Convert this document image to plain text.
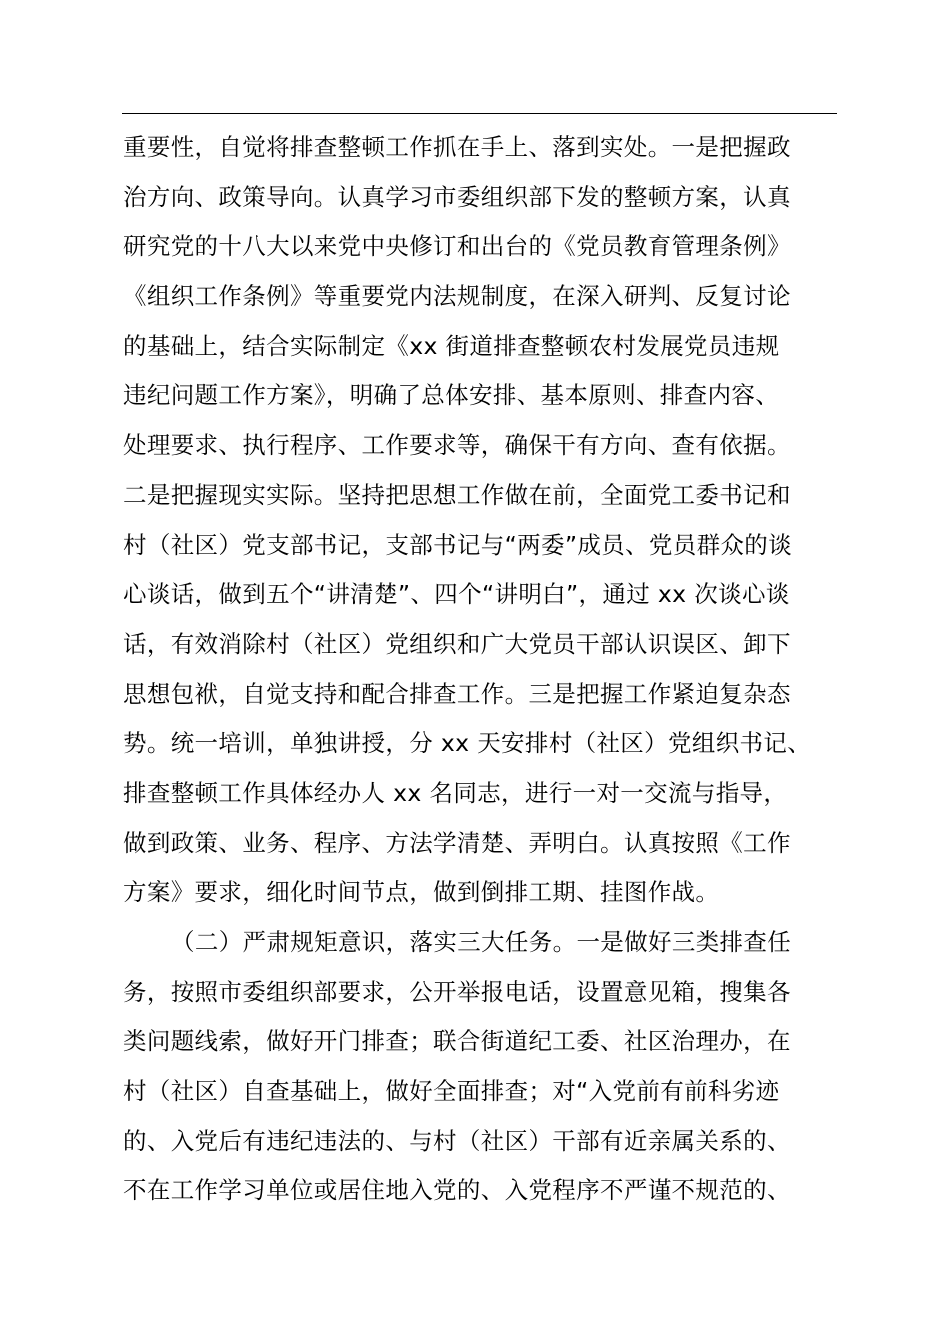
重要性，自觉将排查整顿工作抓在手上、落到实处。一是把握政
治方向、政策导向。认真学习市委组织部下发的整顿方案，认真
研究党的十八大以来党中央修订和出台的《党员教育管理条例》
《组织工作条例》等重要党内法规制度，在深入研判、反复讨论
的基础上，结合实际制定《xx 街道排查整顿农村发展党员违规
违纪问题工作方案》，明确了总体安排、基本原则、排查内容、
处理要求、执行程序、工作要求等，确保干有方向、查有依据。
二是把握现实实际。坚持把思想工作做在前，全面党工委书记和
村（社区）党支部书记，支部书记与“两委”成员、党员群众的谈
心谈话，做到五个“讲清楚”、四个“讲明白”，通过 xx 次谈心谈
话，有效消除村（社区）党组织和广大党员干部认识误区、卸下
思想包袱，自觉支持和配合排查工作。三是把握工作紧迫复杂态
势。统一培训，单独讲授，分 xx 天安排村（社区）党组织书记、
排查整顿工作具体经办人 xx 名同志，进行一对一交流与指导，
做到政策、业务、程序、方法学清楚、弄明白。认真按照《工作
方案》要求，细化时间节点，做到倒排工期、挂图作战。
（二）严肃规矩意识，落实三大任务。一是做好三类排查任
务，按照市委组织部要求，公开举报电话，设置意见箱，搜集各
类问题线索，做好开门排查；联合街道纪工委、社区治理办，在
村（社区）自查基础上，做好全面排查；对“入党前有前科劣迹
的、入党后有违纪违法的、与村（社区）干部有近亲属关系的、
不在工作学习单位或居住地入党的、入党程序不严谨不规范的、
